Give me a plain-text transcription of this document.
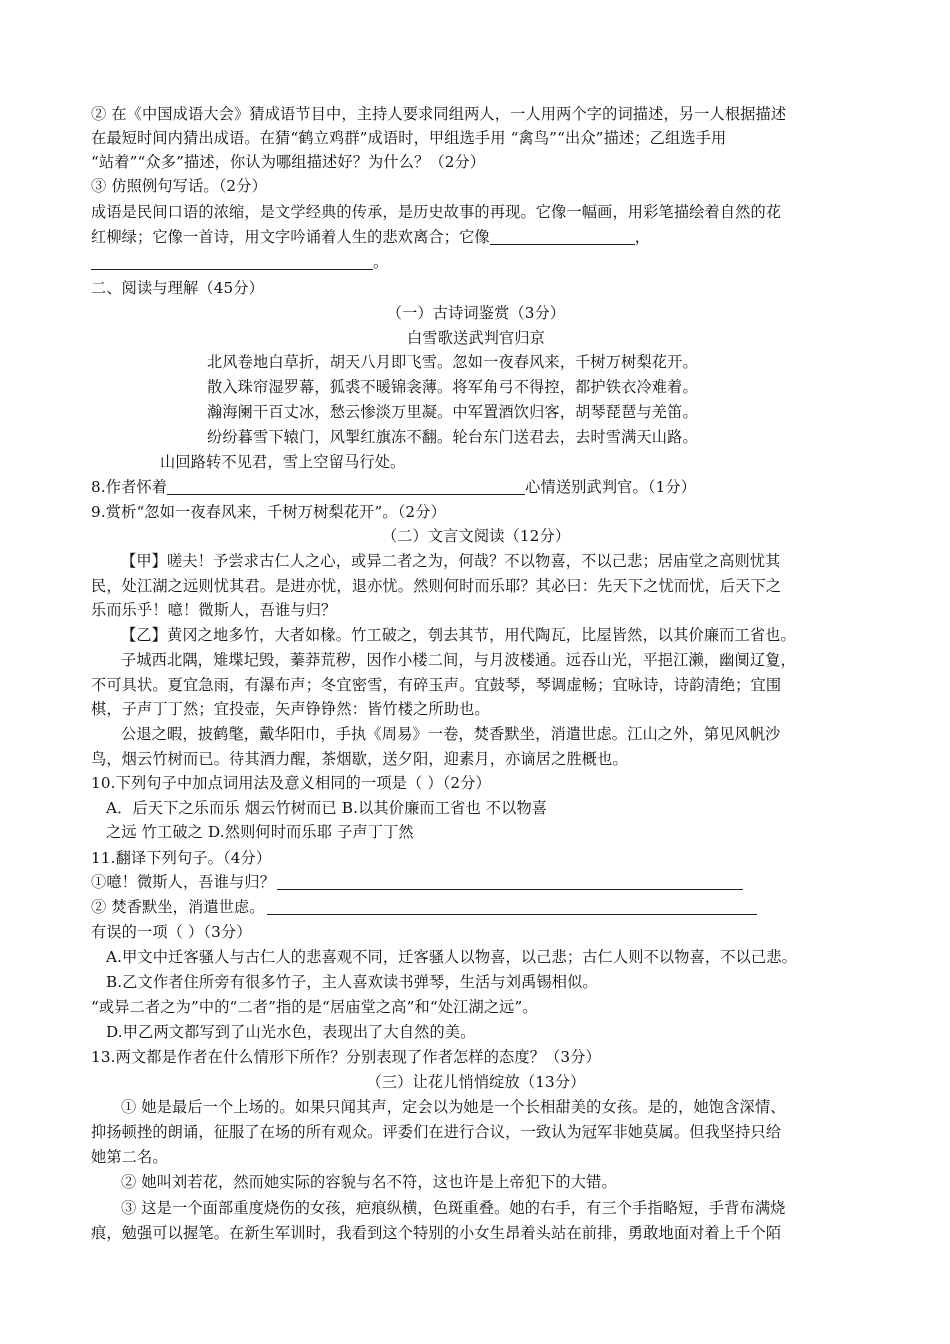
② 在《中国成语大会》猜成语节目中，主持人要求同组两人，一人用两个字的词描述，另一人根据描述
在最短时间内猜出成语。在猜“鹤立鸡群”成语时，甲组选手用 “禽鸟”“出众”描述；乙组选手用
“站着”“众多”描述，你认为哪组描述好？为什么？（2分）
③ 仿照例句写话。（2分）
成语是民间口语的浓缩，是文学经典的传承，是历史故事的再现。它像一幅画，用彩笔描绘着自然的花
红柳绿；它像一首诗，用文字吟诵着人生的悲欢离合；它像	，
。
二、阅读与理解（45分）
（一）古诗词鉴赏（3分）
白雪歌送武判官归京
北风卷地白草折，胡天八月即飞雪。忽如一夜春风来，千树万树梨花开。
散入珠帘湿罗幕，狐裘不暖锦衾薄。将军角弓不得控，都护铁衣冷难着。
瀚海阑干百丈冰，愁云惨淡万里凝。中军置酒饮归客，胡琴琵琶与羌笛。
纷纷暮雪下辕门，风掣红旗冻不翻。轮台东门送君去，去时雪满天山路。
山回路转不见君，雪上空留马行处。
8.作者怀着	心情送别武判官。（1分）
9.赏析“忽如一夜春风来，千树万树梨花开”。（2分）
（二）文言文阅读（12分）
【甲】嗟夫！予尝求古仁人之心，或异二者之为，何哉？不以物喜，不以己悲；居庙堂之高则忧其
民，处江湖之远则忧其君。是进亦忧，退亦忧。然则何时而乐耶？其必曰：先天下之忧而忧，后天下之
乐而乐乎！噫！微斯人，吾谁与归？
【乙】黄冈之地多竹，大者如椽。竹工破之，刳去其节，用代陶瓦，比屋皆然，以其价廉而工省也。
子城西北隅，雉堞圮毁，蓁莽荒秽，因作小楼二间，与月波楼通。远吞山光，平挹江濑，幽阒辽夐，
不可具状。夏宜急雨，有瀑布声；冬宜密雪，有碎玉声。宜鼓琴，琴调虚畅；宜咏诗，诗韵清绝；宜围
棋，子声丁丁然；宜投壶，矢声铮铮然：皆竹楼之所助也。
公退之暇，披鹤氅，戴华阳巾，手执《周易》一卷，焚香默坐，消遣世虑。江山之外，第见风帆沙
鸟，烟云竹树而已。待其酒力醒，茶烟歇，送夕阳，迎素月，亦谪居之胜概也。
10.下列句子中加点词用法及意义相同的一项是（ ）（2分）
A．后天下之乐而乐 烟云竹树而已 B.以其价廉而工省也 不以物喜
之远 竹工破之 D.然则何时而乐耶 子声丁丁然
11.翻译下列句子。（4分）
①噫！微斯人，吾谁与归？
② 焚香默坐，消遣世虑。
有误的一项（ ）（3分）
A.甲文中迁客骚人与古仁人的悲喜观不同，迁客骚人以物喜，以己悲；古仁人则不以物喜，不以己悲。
B.乙文作者住所旁有很多竹子，主人喜欢读书弹琴，生活与刘禹锡相似。
“或异二者之为”中的“二者”指的是“居庙堂之高”和“处江湖之远”。
D.甲乙两文都写到了山光水色，表现出了大自然的美。
13.两文都是作者在什么情形下所作？分别表现了作者怎样的态度？（3分）
（三）让花儿悄悄绽放（13分）
① 她是最后一个上场的。如果只闻其声，定会以为她是一个长相甜美的女孩。是的，她饱含深情、
抑扬顿挫的朗诵，征服了在场的所有观众。评委们在进行合议，一致认为冠军非她莫属。但我坚持只给
她第二名。
② 她叫刘若花，然而她实际的容貌与名不符，这也许是上帝犯下的大错。
③ 这是一个面部重度烧伤的女孩，疤痕纵横，色斑重叠。她的右手，有三个手指略短，手背布满烧
痕，勉强可以握笔。在新生军训时，我看到这个特别的小女生昂着头站在前排，勇敢地面对着上千个陌
